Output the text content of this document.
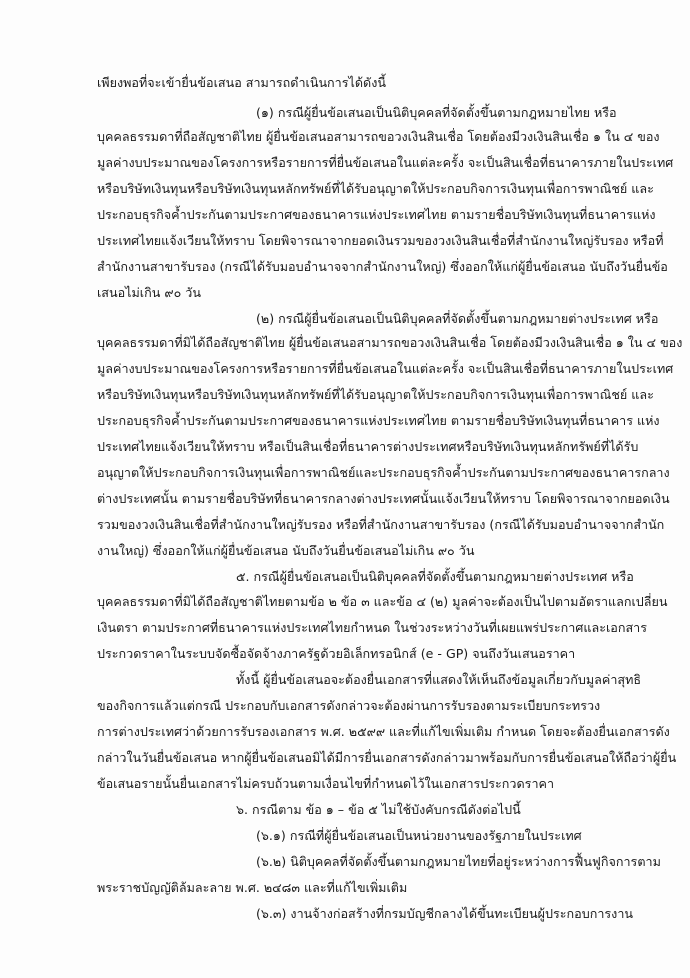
เพียงพอที่จะเข้ายื่นข้อเสนอ สามารถดำเนินการได้ดังนี้
(๑) กรณีผู้ยื่นข้อเสนอเป็นนิติบุคคลที่จัดตั้งขึ้นตามกฎหมายไทย หรือ
บุคคลธรรมดาที่ถือสัญชาติไทย ผู้ยื่นข้อเสนอสามารถขอวงเงินสินเชื่อ โดยต้องมีวงเงินสินเชื่อ ๑ ใน ๔ ของ
มูลค่างบประมาณของโครงการหรือรายการที่ยื่นข้อเสนอในแต่ละครั้ง จะเป็นสินเชื่อที่ธนาคารภายในประเทศ
หรือบริษัทเงินทุนหรือบริษัทเงินทุนหลักทรัพย์ที่ได้รับอนุญาตให้ประกอบกิจการเงินทุนเพื่อการพาณิชย์ และ
ประกอบธุรกิจค้ำประกันตามประกาศของธนาคารแห่งประเทศไทย ตามรายชื่อบริษัทเงินทุนที่ธนาคารแห่ง
ประเทศไทยแจ้งเวียนให้ทราบ โดยพิจารณาจากยอดเงินรวมของวงเงินสินเชื่อที่สำนักงานใหญ่รับรอง หรือที่
สำนักงานสาขารับรอง (กรณีได้รับมอบอำนาจจากสำนักงานใหญ่) ซึ่งออกให้แก่ผู้ยื่นข้อเสนอ นับถึงวันยื่นข้อ
เสนอไม่เกิน ๙๐ วัน
(๒) กรณีผู้ยื่นข้อเสนอเป็นนิติบุคคลที่จัดตั้งขึ้นตามกฎหมายต่างประเทศ หรือ
บุคคลธรรมดาที่มิได้ถือสัญชาติไทย ผู้ยื่นข้อเสนอสามารถขอวงเงินสินเชื่อ โดยต้องมีวงเงินสินเชื่อ ๑ ใน ๔ ของ
มูลค่างบประมาณของโครงการหรือรายการที่ยื่นข้อเสนอในแต่ละครั้ง จะเป็นสินเชื่อที่ธนาคารภายในประเทศ
หรือบริษัทเงินทุนหรือบริษัทเงินทุนหลักทรัพย์ที่ได้รับอนุญาตให้ประกอบกิจการเงินทุนเพื่อการพาณิชย์ และ
ประกอบธุรกิจค้ำประกันตามประกาศของธนาคารแห่งประเทศไทย ตามรายชื่อบริษัทเงินทุนที่ธนาคาร แห่ง
ประเทศไทยแจ้งเวียนให้ทราบ หรือเป็นสินเชื่อที่ธนาคารต่างประเทศหรือบริษัทเงินทุนหลักทรัพย์ที่ได้รับ
อนุญาตให้ประกอบกิจการเงินทุนเพื่อการพาณิชย์และประกอบธุรกิจค้ำประกันตามประกาศของธนาคารกลาง
ต่างประเทศนั้น ตามรายชื่อบริษัทที่ธนาคารกลางต่างประเทศนั้นแจ้งเวียนให้ทราบ โดยพิจารณาจากยอดเงิน
รวมของวงเงินสินเชื่อที่สำนักงานใหญ่รับรอง หรือที่สำนักงานสาขารับรอง (กรณีได้รับมอบอำนาจจากสำนัก
งานใหญ่) ซึ่งออกให้แก่ผู้ยื่นข้อเสนอ นับถึงวันยื่นข้อเสนอไม่เกิน ๙๐ วัน
๕. กรณีผู้ยื่นข้อเสนอเป็นนิติบุคคลที่จัดตั้งขึ้นตามกฎหมายต่างประเทศ หรือ
บุคคลธรรมดาที่มิได้ถือสัญชาติไทยตามข้อ ๒ ข้อ ๓ และข้อ ๔ (๒) มูลค่าจะต้องเป็นไปตามอัตราแลกเปลี่ยน
เงินตรา ตามประกาศที่ธนาคารแห่งประเทศไทยกำหนด ในช่วงระหว่างวันที่เผยแพร่ประกาศและเอกสาร
ประกวดราคาในระบบจัดซื้อจัดจ้างภาครัฐด้วยอิเล็กทรอนิกส์ (e - GP) จนถึงวันเสนอราคา
ทั้งนี้ ผู้ยื่นข้อเสนอจะต้องยื่นเอกสารที่แสดงให้เห็นถึงข้อมูลเกี่ยวกับมูลค่าสุทธิ
ของกิจการแล้วแต่กรณี ประกอบกับเอกสารดังกล่าวจะต้องผ่านการรับรองตามระเบียบกระทรวง
การต่างประเทศว่าด้วยการรับรองเอกสาร พ.ศ. ๒๕๙๙ และที่แก้ไขเพิ่มเติม กำหนด โดยจะต้องยื่นเอกสารดัง
กล่าวในวันยื่นข้อเสนอ หากผู้ยื่นข้อเสนอมิได้มีการยื่นเอกสารดังกล่าวมาพร้อมกับการยื่นข้อเสนอให้ถือว่าผู้ยื่น
ข้อเสนอรายนั้นยื่นเอกสารไม่ครบถ้วนตามเงื่อนไขที่กำหนดไว้ในเอกสารประกวดราคา
๖. กรณีตาม ข้อ ๑ – ข้อ ๕ ไม่ใช้บังคับกรณีดังต่อไปนี้
(๖.๑) กรณีที่ผู้ยื่นข้อเสนอเป็นหน่วยงานของรัฐภายในประเทศ
(๖.๒) นิติบุคคลที่จัดตั้งขึ้นตามกฎหมายไทยที่อยู่ระหว่างการฟื้นฟูกิจการตาม
พระราชบัญญัติล้มละลาย พ.ศ. ๒๔๘๓ และที่แก้ไขเพิ่มเติม
(๖.๓) งานจ้างก่อสร้างที่กรมบัญชีกลางได้ขึ้นทะเบียนผู้ประกอบการงาน
